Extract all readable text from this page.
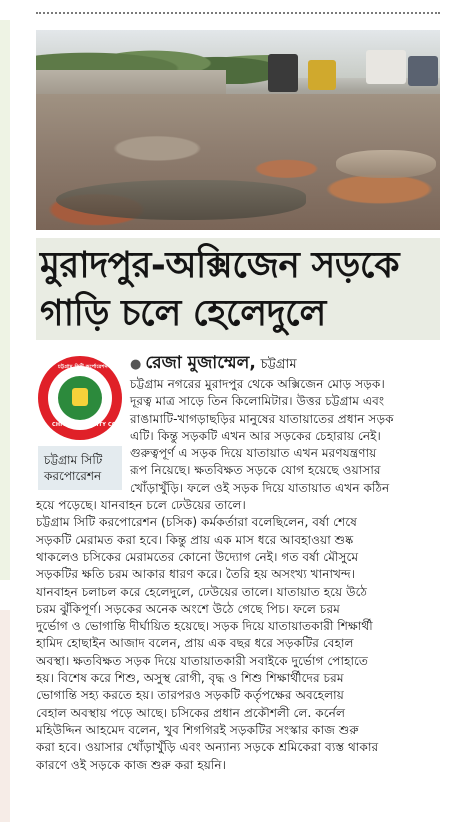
মুরাদপুর-অক্সিজেন সড়কে
গাড়ি চলে হেলেদুলে
চট্টগ্রাম সিটি কর্পোরেশন
CHITTAGONG CITY CORPORATION
চট্টগ্রাম সিটি
করপোরেশন
● রেজা মুজাম্মেল, চট্টগ্রাম
চট্টগ্রাম নগরের মুরাদপুর থেকে অক্সিজেন মোড় সড়ক।
দূরত্ব মাত্র সাড়ে তিন কিলোমিটার। উত্তর চট্টগ্রাম এবং
রাঙামাটি-খাগড়াছড়ির মানুষের যাতায়াতের প্রধান সড়ক
এটি। কিন্তু সড়কটি এখন আর সড়কের চেহারায় নেই।
গুরুত্বপূর্ণ এ সড়ক দিয়ে যাতায়াত এখন মরণযন্ত্রণায়
রূপ নিয়েছে। ক্ষতবিক্ষত সড়কে যোগ হয়েছে ওয়াসার
খোঁড়াখুঁড়ি। ফলে ওই সড়ক দিয়ে যাতায়াত এখন কঠিন
হয়ে পড়েছে। যানবাহন চলে ঢেউয়ের তালে।
চট্টগ্রাম সিটি করপোরেশন (চসিক) কর্মকর্তারা বলেছিলেন, বর্ষা শেষে
সড়কটি মেরামত করা হবে। কিন্তু প্রায় এক মাস ধরে আবহাওয়া শুষ্ক
থাকলেও চসিকের মেরামতের কোনো উদ্যোগ নেই। গত বর্ষা মৌসুমে
সড়কটির ক্ষতি চরম আকার ধারণ করে। তৈরি হয় অসংখ্য খানাখন্দ।
যানবাহন চলাচল করে হেলেদুলে, ঢেউয়ের তালে। যাতায়াত হয়ে উঠে
চরম ঝুঁকিপূর্ণ। সড়কের অনেক অংশে উঠে গেছে পিচ। ফলে চরম
দুর্ভোগ ও ভোগান্তি দীর্ঘায়িত হয়েছে। সড়ক দিয়ে যাতায়াতকারী শিক্ষার্থী
হামিদ হোছাইন আজাদ বলেন, প্রায় এক বছর ধরে সড়কটির বেহাল
অবস্থা। ক্ষতবিক্ষত সড়ক দিয়ে যাতায়াতকারী সবাইকে দুর্ভোগ পোহাতে
হয়। বিশেষ করে শিশু, অসুস্থ রোগী, বৃদ্ধ ও শিশু শিক্ষার্থীদের চরম
ভোগান্তি সহ্য করতে হয়। তারপরও সড়কটি কর্তৃপক্ষের অবহেলায়
বেহাল অবস্থায় পড়ে আছে। চসিকের প্রধান প্রকৌশলী লে. কর্নেল
মহিউদ্দিন আহমেদ বলেন, খুব শিগগিরই সড়কটির সংস্কার কাজ শুরু
করা হবে। ওয়াসার খোঁড়াখুঁড়ি এবং অন্যান্য সড়কে শ্রমিকেরা ব্যস্ত থাকার
কারণে ওই সড়কে কাজ শুরু করা হয়নি।
